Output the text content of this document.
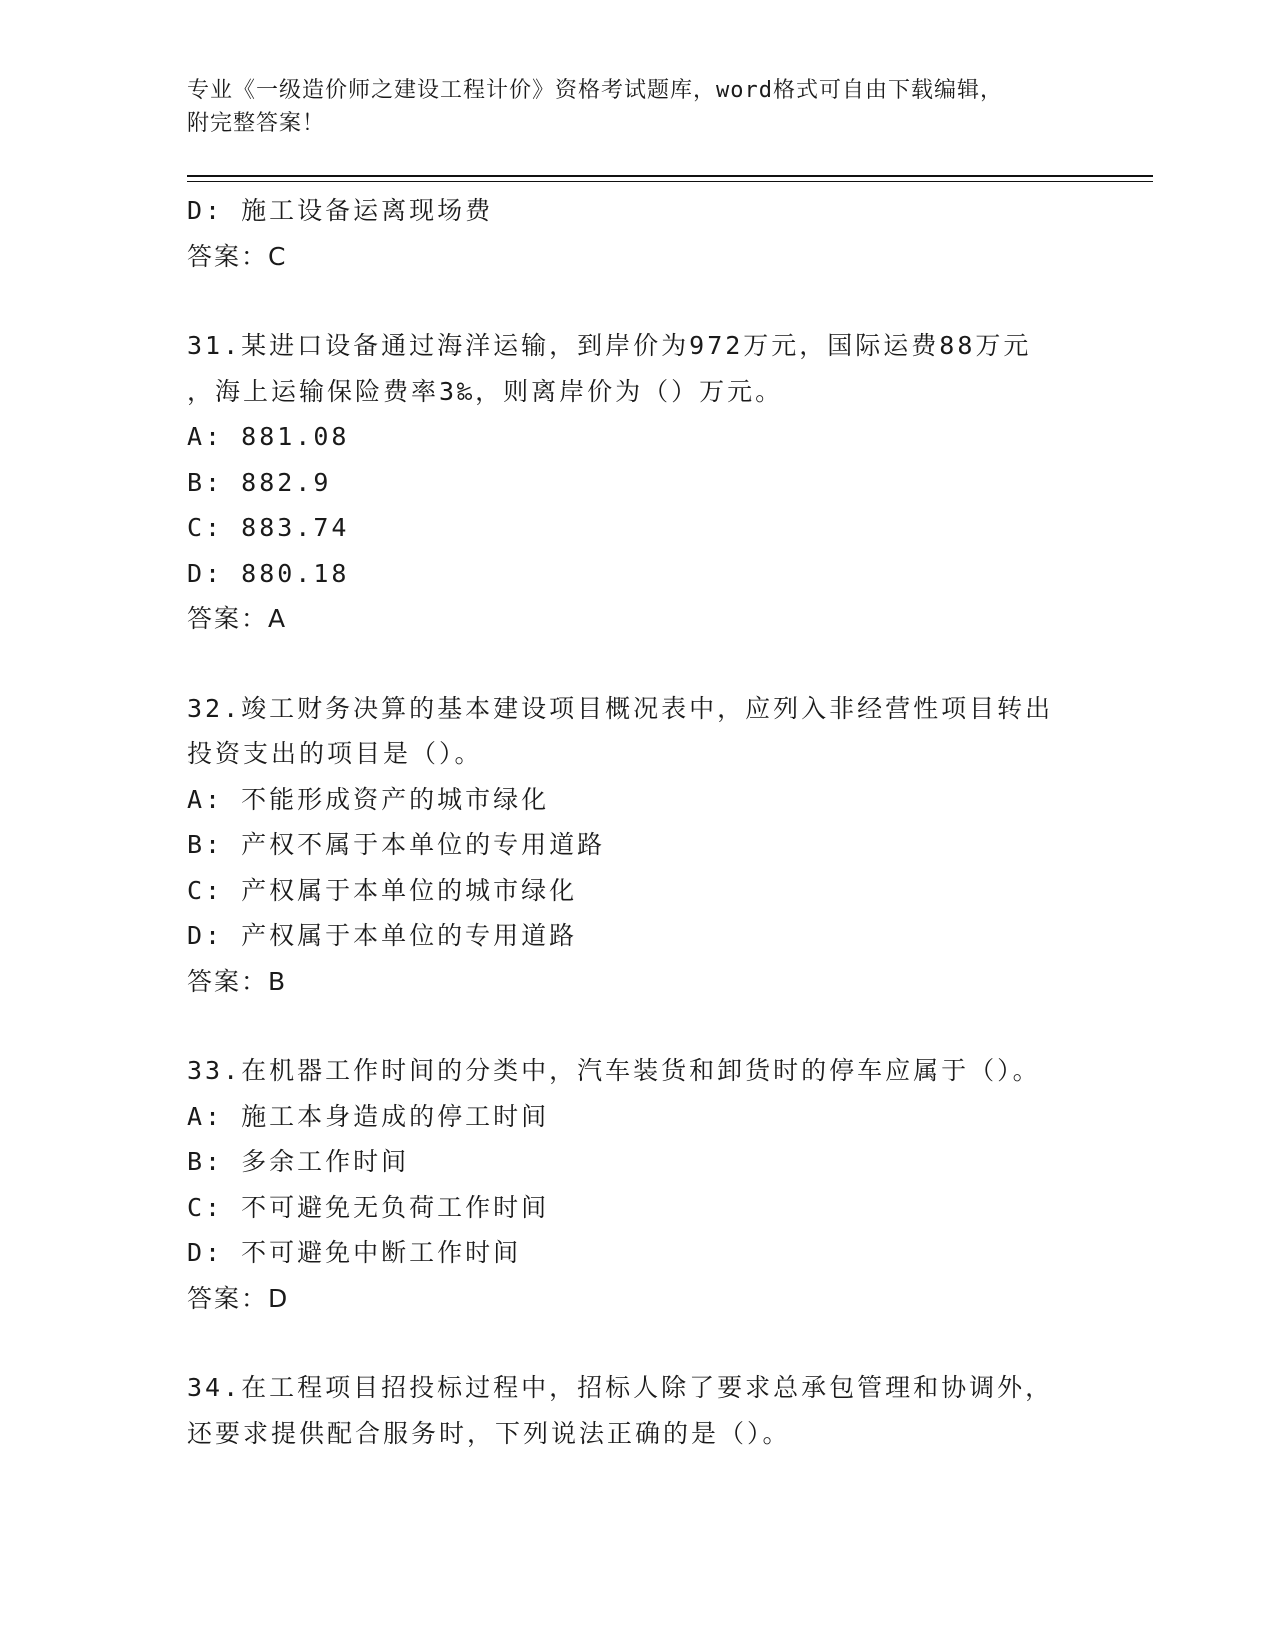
专业《一级造价师之建设工程计价》资格考试题库，word格式可自由下载编辑，
附完整答案！
D: 施工设备运离现场费
答案：C
31.某进口设备通过海洋运输，到岸价为972万元，国际运费88万元
，海上运输保险费率3‰，则离岸价为（）万元。
A: 881.08
B: 882.9
C: 883.74
D: 880.18
答案：A
32.竣工财务决算的基本建设项目概况表中，应列入非经营性项目转出
投资支出的项目是（）。
A: 不能形成资产的城市绿化
B: 产权不属于本单位的专用道路
C: 产权属于本单位的城市绿化
D: 产权属于本单位的专用道路
答案：B
33.在机器工作时间的分类中，汽车装货和卸货时的停车应属于（）。
A: 施工本身造成的停工时间
B: 多余工作时间
C: 不可避免无负荷工作时间
D: 不可避免中断工作时间
答案：D
34.在工程项目招投标过程中，招标人除了要求总承包管理和协调外，
还要求提供配合服务时，下列说法正确的是（）。
